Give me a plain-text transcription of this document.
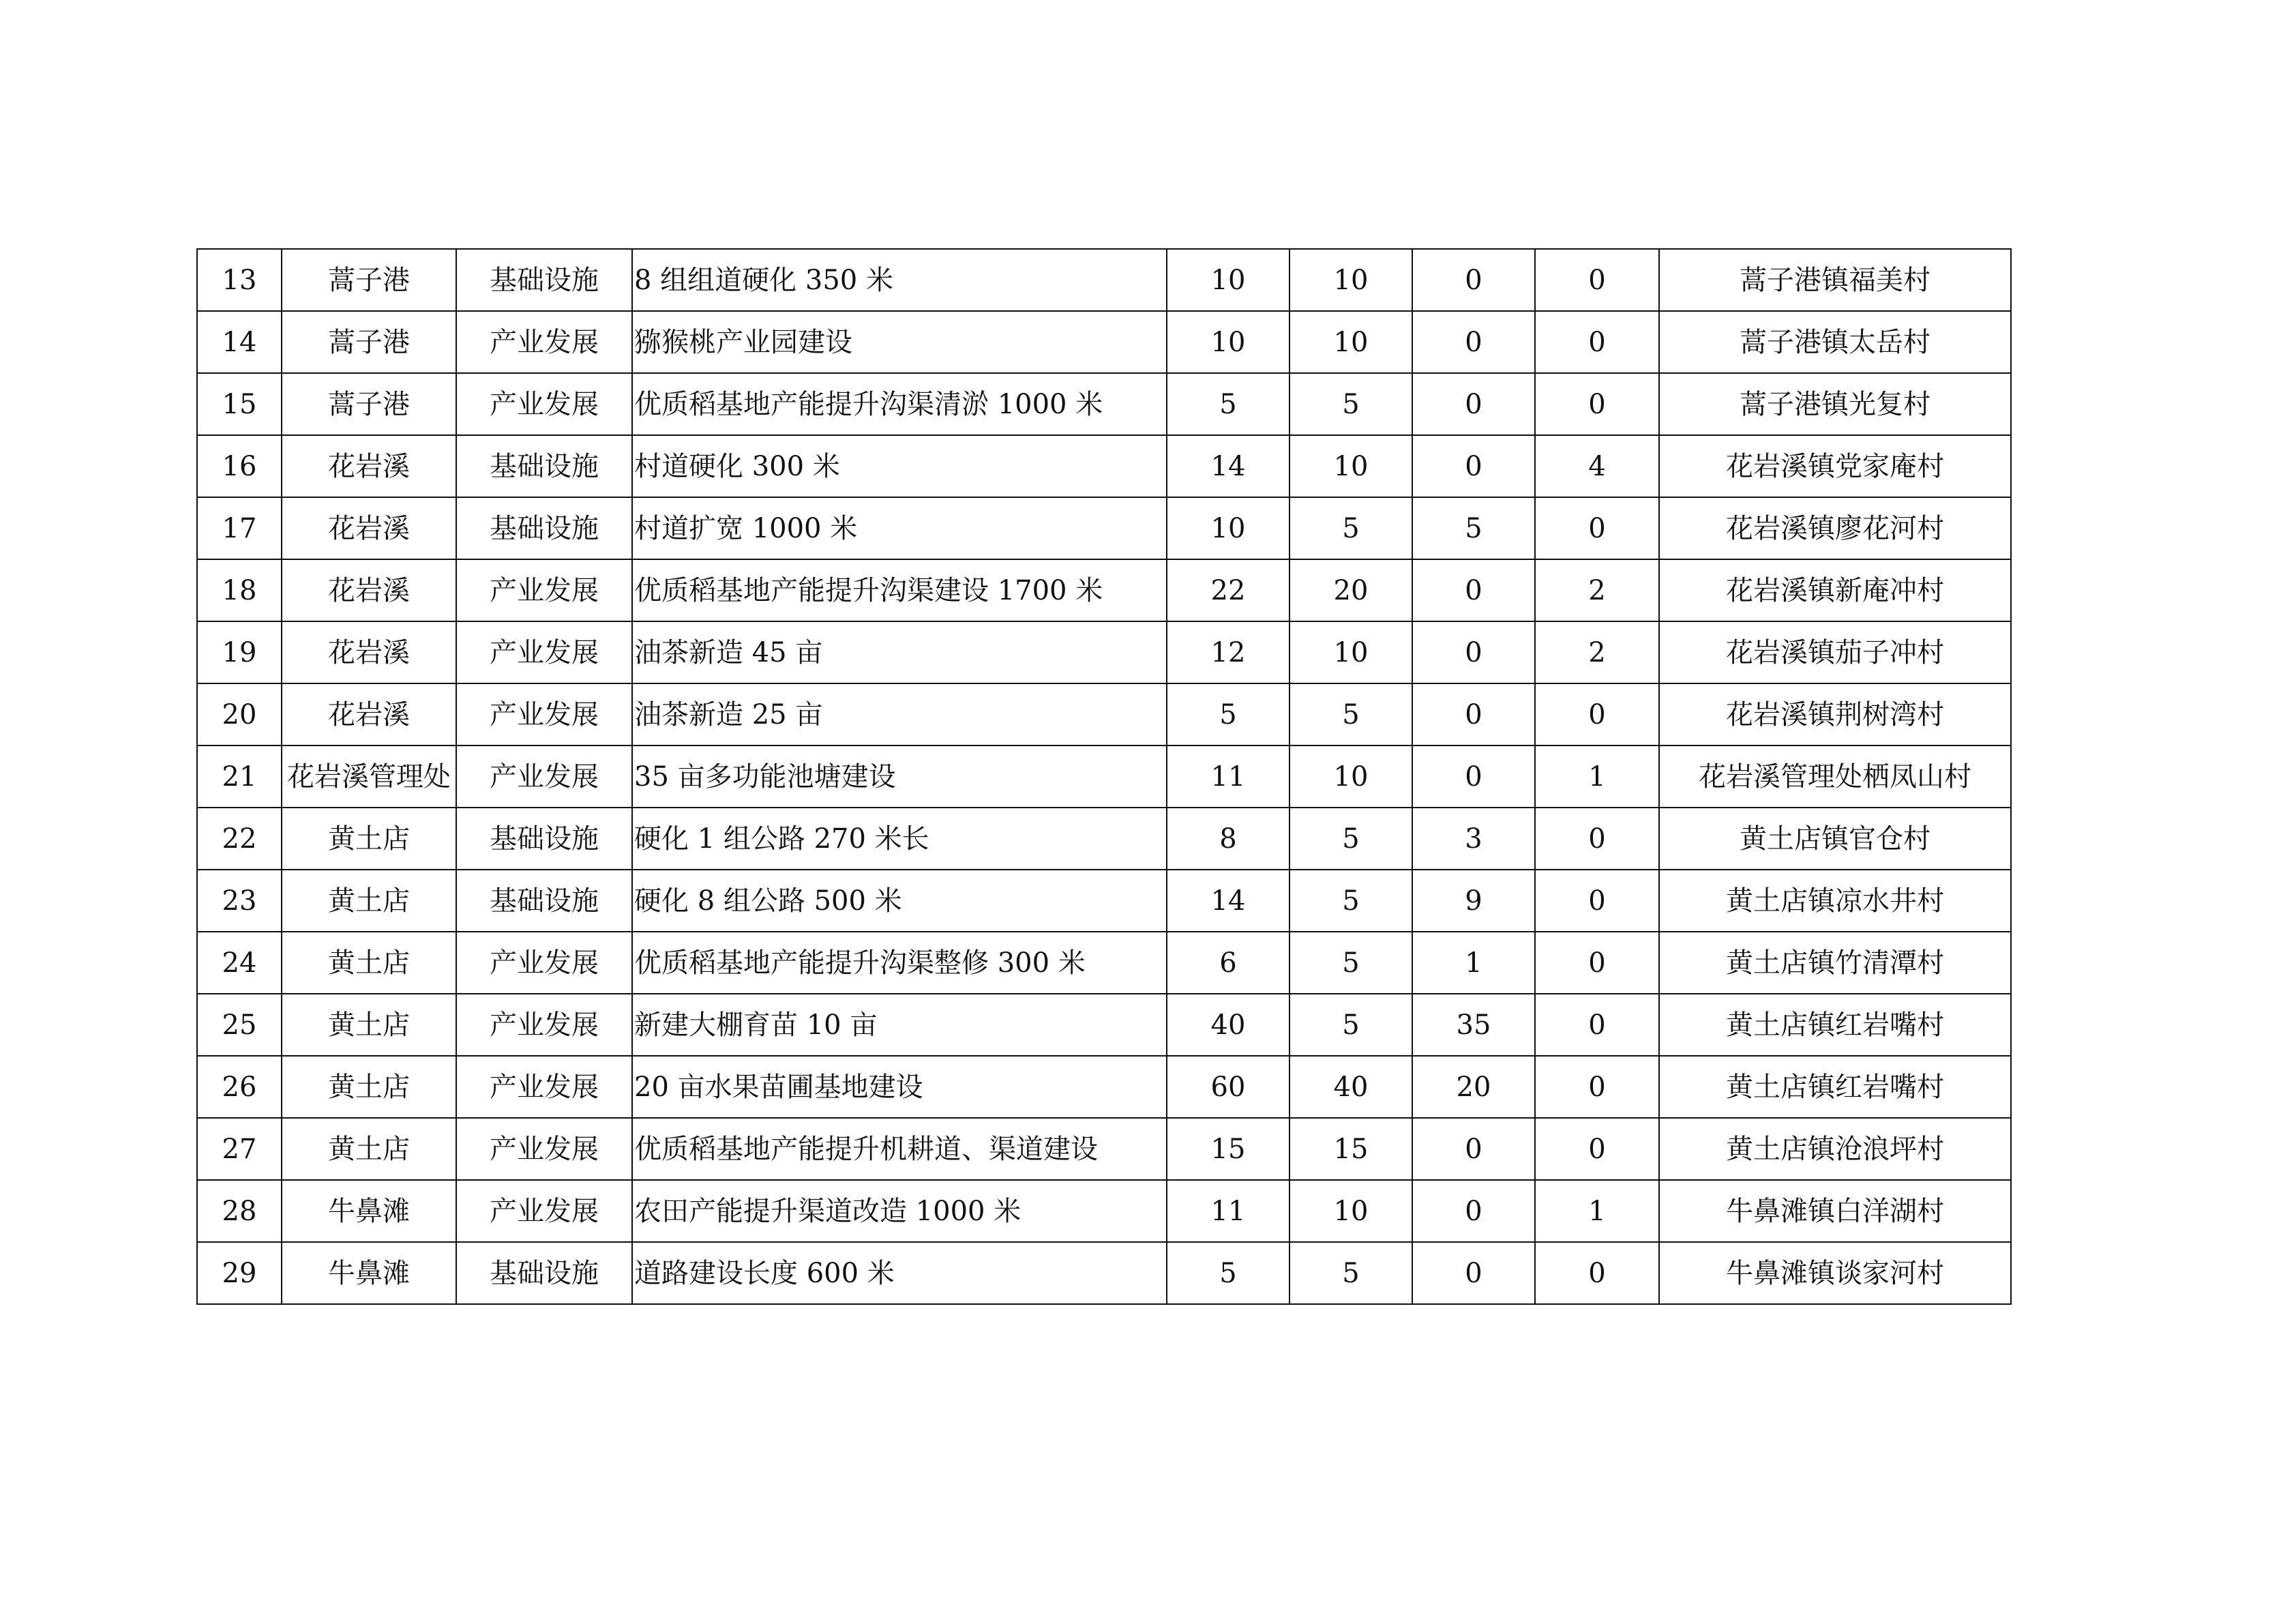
13	蒿子港	基础设施	8 组组道硬化 350 米	10	10	0	0	蒿子港镇福美村
14	蒿子港	产业发展	猕猴桃产业园建设	10	10	0	0	蒿子港镇太岳村
15	蒿子港	产业发展	优质稻基地产能提升沟渠清淤 1000 米	5	5	0	0	蒿子港镇光复村
16	花岩溪	基础设施	村道硬化 300 米	14	10	0	4	花岩溪镇党家庵村
17	花岩溪	基础设施	村道扩宽 1000 米	10	5	5	0	花岩溪镇廖花河村
18	花岩溪	产业发展	优质稻基地产能提升沟渠建设 1700 米	22	20	0	2	花岩溪镇新庵冲村
19	花岩溪	产业发展	油茶新造 45 亩	12	10	0	2	花岩溪镇茄子冲村
20	花岩溪	产业发展	油茶新造 25 亩	5	5	0	0	花岩溪镇荆树湾村
21	花岩溪管理处	产业发展	35 亩多功能池塘建设	11	10	0	1	花岩溪管理处栖凤山村
22	黄土店	基础设施	硬化 1 组公路 270 米长	8	5	3	0	黄土店镇官仓村
23	黄土店	基础设施	硬化 8 组公路 500 米	14	5	9	0	黄土店镇凉水井村
24	黄土店	产业发展	优质稻基地产能提升沟渠整修 300 米	6	5	1	0	黄土店镇竹清潭村
25	黄土店	产业发展	新建大棚育苗 10 亩	40	5	35	0	黄土店镇红岩嘴村
26	黄土店	产业发展	20 亩水果苗圃基地建设	60	40	20	0	黄土店镇红岩嘴村
27	黄土店	产业发展	优质稻基地产能提升机耕道、渠道建设	15	15	0	0	黄土店镇沧浪坪村
28	牛鼻滩	产业发展	农田产能提升渠道改造 1000 米	11	10	0	1	牛鼻滩镇白洋湖村
29	牛鼻滩	基础设施	道路建设长度 600 米	5	5	0	0	牛鼻滩镇谈家河村
